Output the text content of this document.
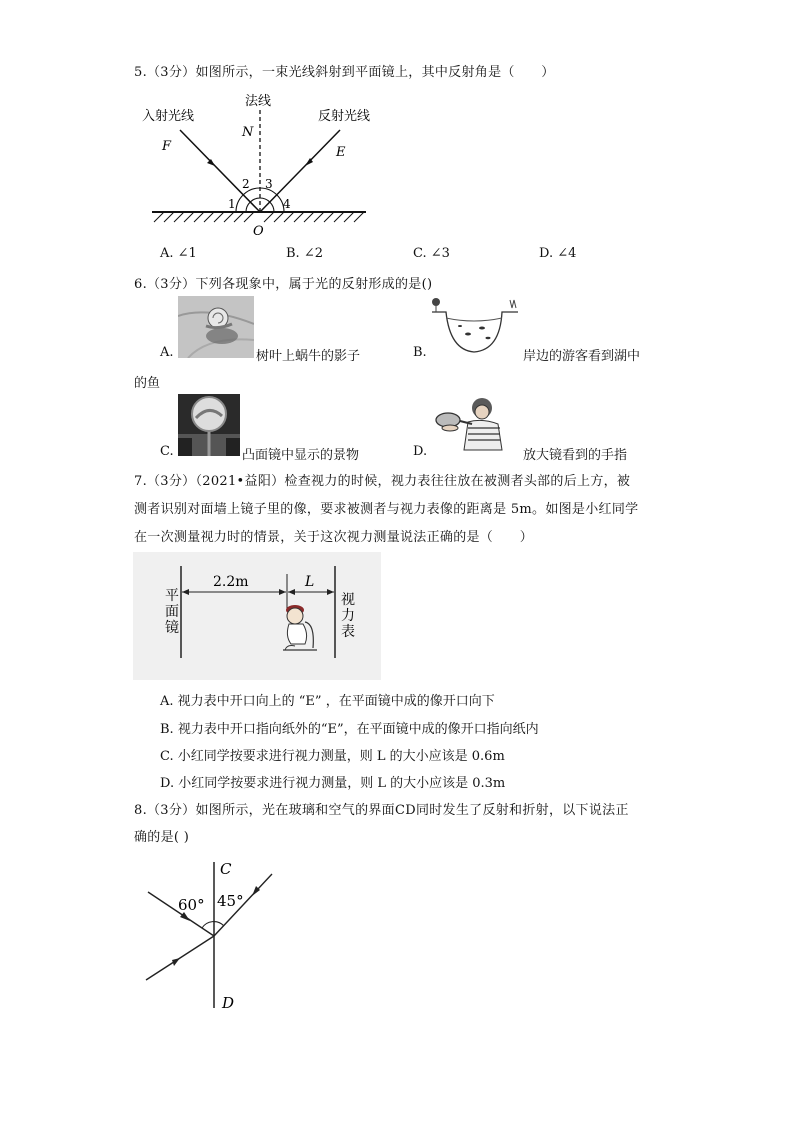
5.（3分）如图所示，一束光线斜射到平面镜上，其中反射角是（　　）
入射光线
法线
反射光线
F
N
E
1
2 3
4
O
A. ∠1	B. ∠2	C. ∠3	D. ∠4
6.（3分）下列各现象中，属于光的反射形成的是()
A.	树叶上蜗牛的影子	B.	岸边的游客看到湖中
的鱼
C.	凸面镜中显示的景物	D.	放大镜看到的手指
7.（3分）（2021•益阳）检查视力的时候，视力表往往放在被测者头部的后上方，被
测者识别对面墙上镜子里的像，要求被测者与视力表像的距离是 5m。如图是小红同学
在一次测量视力时的情景，关于这次视力测量说法正确的是（　　）
2.2m	L
平
面
镜
视
力
表
A. 视力表中开口向上的 “E” ，在平面镜中成的像开口向下
B. 视力表中开口指向纸外的“E”，在平面镜中成的像开口指向纸内
C. 小红同学按要求进行视力测量，则 L 的大小应该是 0.6m
D. 小红同学按要求进行视力测量，则 L 的大小应该是 0.3m
8.（3分）如图所示，光在玻璃和空气的界面CD同时发生了反射和折射，以下说法正
确的是( )
C
D
60° 45°
